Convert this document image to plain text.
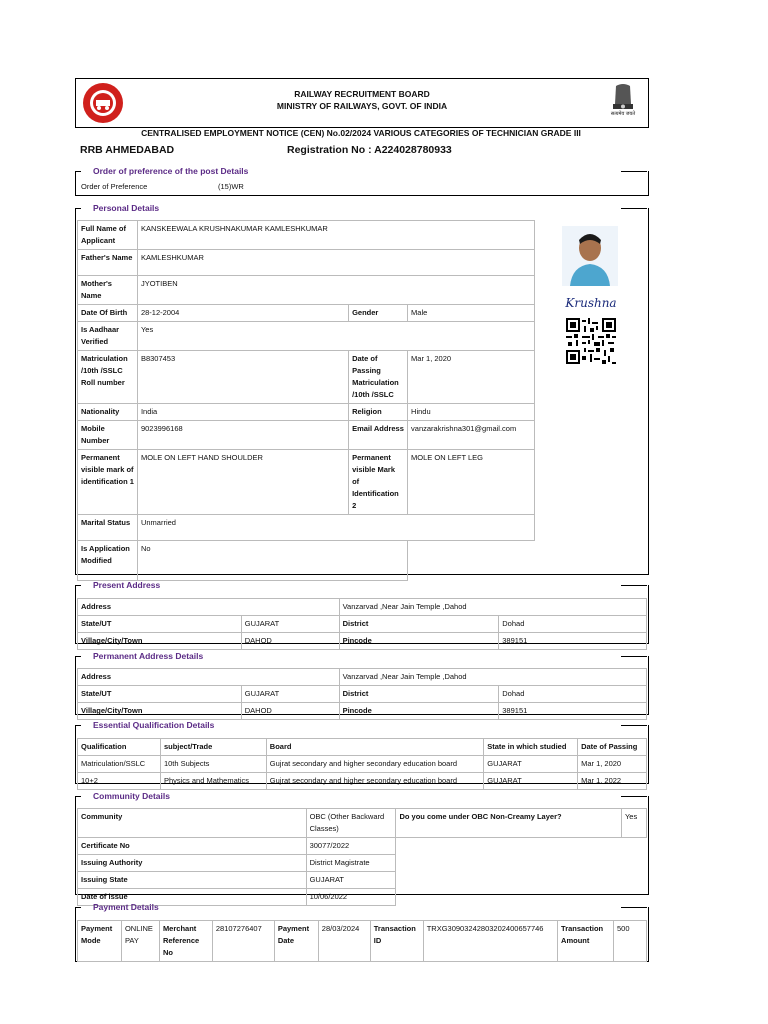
RAILWAY RECRUITMENT BOARD
MINISTRY OF RAILWAYS, GOVT. OF INDIA
सत्यमेव जयते
CENTRALISED EMPLOYMENT NOTICE (CEN) No.02/2024 VARIOUS CATEGORIES OF TECHNICIAN GRADE III
RRB AHMEDABAD	Registration No : A224028780933
Order of preference of the post Details
Order of Preference	(15)WR
Personal Details
Full Name of Applicant	KANSKEEWALA KRUSHNAKUMAR KAMLESHKUMAR		
Father's Name	KAMLESHKUMAR		
Mother's Name	JYOTIBEN		
Date Of Birth	28-12-2004	Gender	Male
Is Aadhaar Verified	Yes		
Matriculation /10th /SSLC Roll number	B8307453	Date of Passing Matriculation /10th /SSLC	Mar 1, 2020
Nationality	India	Religion	Hindu
Mobile Number	9023996168	Email Address	vanzarakrishna301@gmail.com
Permanent visible mark of identification 1	MOLE ON LEFT HAND SHOULDER	Permanent visible Mark of Identification 2	MOLE ON LEFT LEG
Marital Status	Unmarried		
Is Application Modified	No		
Krushna
Present Address
Address		Vanzarvad ,Near Jain Temple ,Dahod	
State/UT	GUJARAT	District	Dohad
Village/City/Town	DAHOD	Pincode	389151
Permanent Address Details
Address		Vanzarvad ,Near Jain Temple ,Dahod	
State/UT	GUJARAT	District	Dohad
Village/City/Town	DAHOD	Pincode	389151
Essential Qualification Details
Qualification	subject/Trade	Board	State in which studied	Date of Passing
Matriculation/SSLC	10th Subjects	Gujrat secondary and higher secondary education board	GUJARAT	Mar 1, 2020
10+2	Physics and Mathematics	Gujrat secondary and higher secondary education board	GUJARAT	Mar 1, 2022
Community Details
Community	OBC (Other Backward Classes)	Do you come under OBC Non-Creamy Layer?	Yes
Certificate No	30077/2022		
Issuing Authority	District Magistrate		
Issuing State	GUJARAT		
Date of issue	10/06/2022		
Payment Details
Payment Mode	ONLINE PAY	Merchant Reference No	28107276407	Payment Date	28/03/2024	Transaction ID	TRXG3090324280320240065774​6	Transaction Amount	500
